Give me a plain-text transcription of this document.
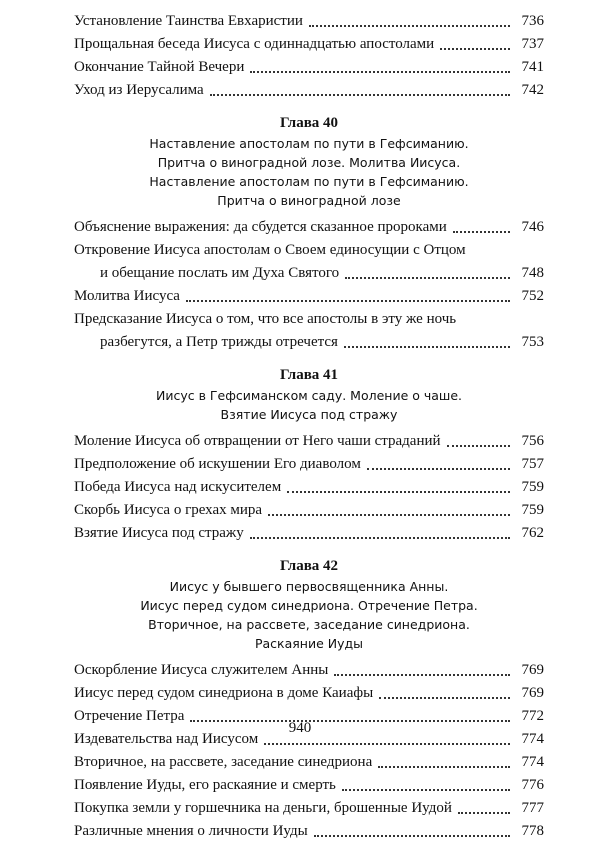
Установление Таинства Евхаристии	736
Прощальная беседа Иисуса с одиннадцатью апостолами	737
Окончание Тайной Вечери	741
Уход из Иерусалима	742
Глава 40
Наставление апостолам по пути в Гефсиманию.
Притча о виноградной лозе. Молитва Иисуса.
Наставление апостолам по пути в Гефсиманию.
Притча о виноградной лозе
Объяснение выражения: да сбудется сказанное пророками	746
Откровение Иисуса апостолам о Своем единосущии с Отцом
и обещание послать им Духа Святого	748
Молитва Иисуса	752
Предсказание Иисуса о том, что все апостолы в эту же ночь
разбегутся, а Петр трижды отречется	753
Глава 41
Иисус в Гефсиманском саду. Моление о чаше.
Взятие Иисуса под стражу
Моление Иисуса об отвращении от Него чаши страданий	756
Предположение об искушении Его диаволом	757
Победа Иисуса над искусителем	759
Скорбь Иисуса о грехах мира	759
Взятие Иисуса под стражу	762
Глава 42
Иисус у бывшего первосвященника Анны.
Иисус перед судом синедриона. Отречение Петра.
Вторичное, на рассвете, заседание синедриона.
Раскаяние Иуды
Оскорбление Иисуса служителем Анны	769
Иисус перед судом синедриона в доме Каиафы	769
Отречение Петра	772
Издевательства над Иисусом	774
Вторичное, на рассвете, заседание синедриона	774
Появление Иуды, его раскаяние и смерть	776
Покупка земли у горшечника на деньги, брошенные Иудой	777
Различные мнения о личности Иуды	778
940
